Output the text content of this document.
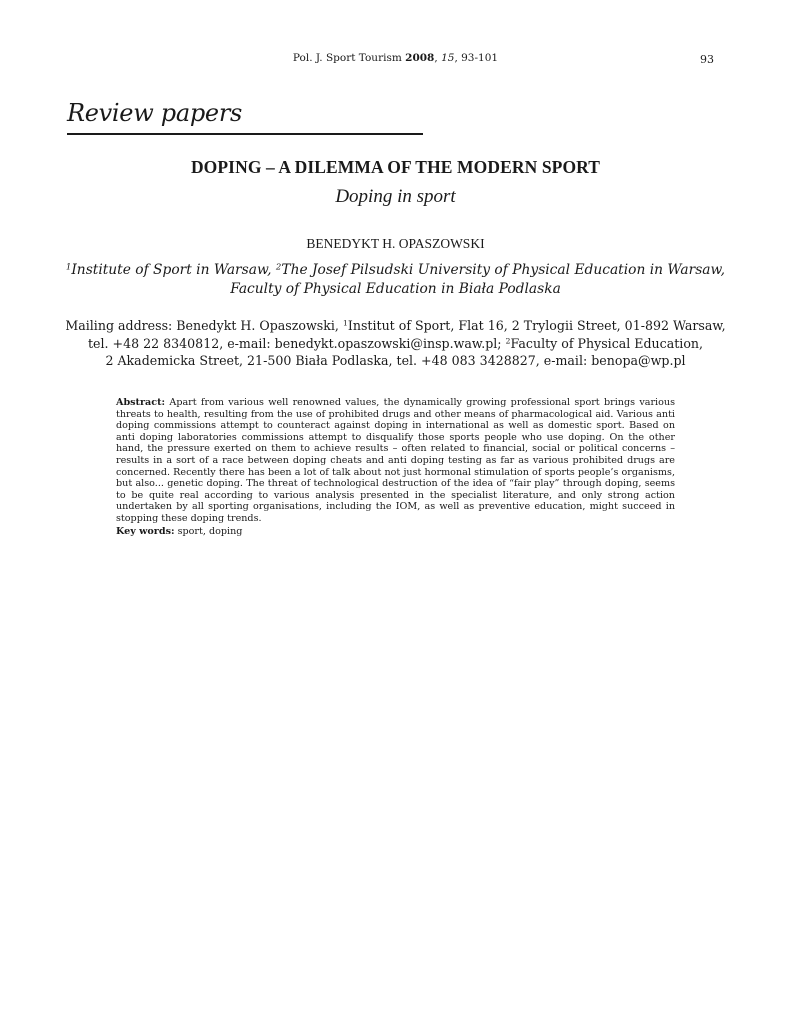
Pol. J. Sport Tourism 2008, 15, 93-101	93
Review papers
DOPING – A DILEMMA OF THE MODERN SPORT
Doping in sport
BENEDYKT H. OPASZOWSKI
$^1$Institute of Sport in Warsaw, $^2$The Josef Pilsudski University of Physical Education in Warsaw,
Faculty of Physical Education in Biała Podlaska
Mailing address: Benedykt H. Opaszowski, $^1$Institut of Sport, Flat 16, 2 Trylogii Street, 01-892 Warsaw,
tel. +48 22 8340812, e-mail: benedykt.opaszowski@insp.waw.pl; $^2$Faculty of Physical Education,
2 Akademicka Street, 21-500 Biała Podlaska, tel. +48 083 3428827, e-mail: benopa@wp.pl
Abstract: Apart from various well renowned values, the dynamically growing professional sport brings various threats to health, resulting from the use of prohibited drugs and other means of pharmacological aid. Various anti doping commissions attempt to counteract against doping in international as well as domestic sport. Based on anti doping laboratories commissions attempt to disqualify those sports people who use doping. On the other hand, the pressure exerted on them to achieve results – often related to financial, social or political concerns – results in a sort of a race between doping cheats and anti doping testing as far as various prohibited drugs are concerned. Recently there has been a lot of talk about not just hormonal stimulation of sports people’s organisms, but also... genetic doping. The threat of technological destruction of the idea of “fair play” through doping, seems to be quite real according to various analysis presented in the specialist literature, and only strong action undertaken by all sporting organisations, including the IOM, as well as preventive education, might succeed in stopping these doping trends.
Key words: sport, doping
